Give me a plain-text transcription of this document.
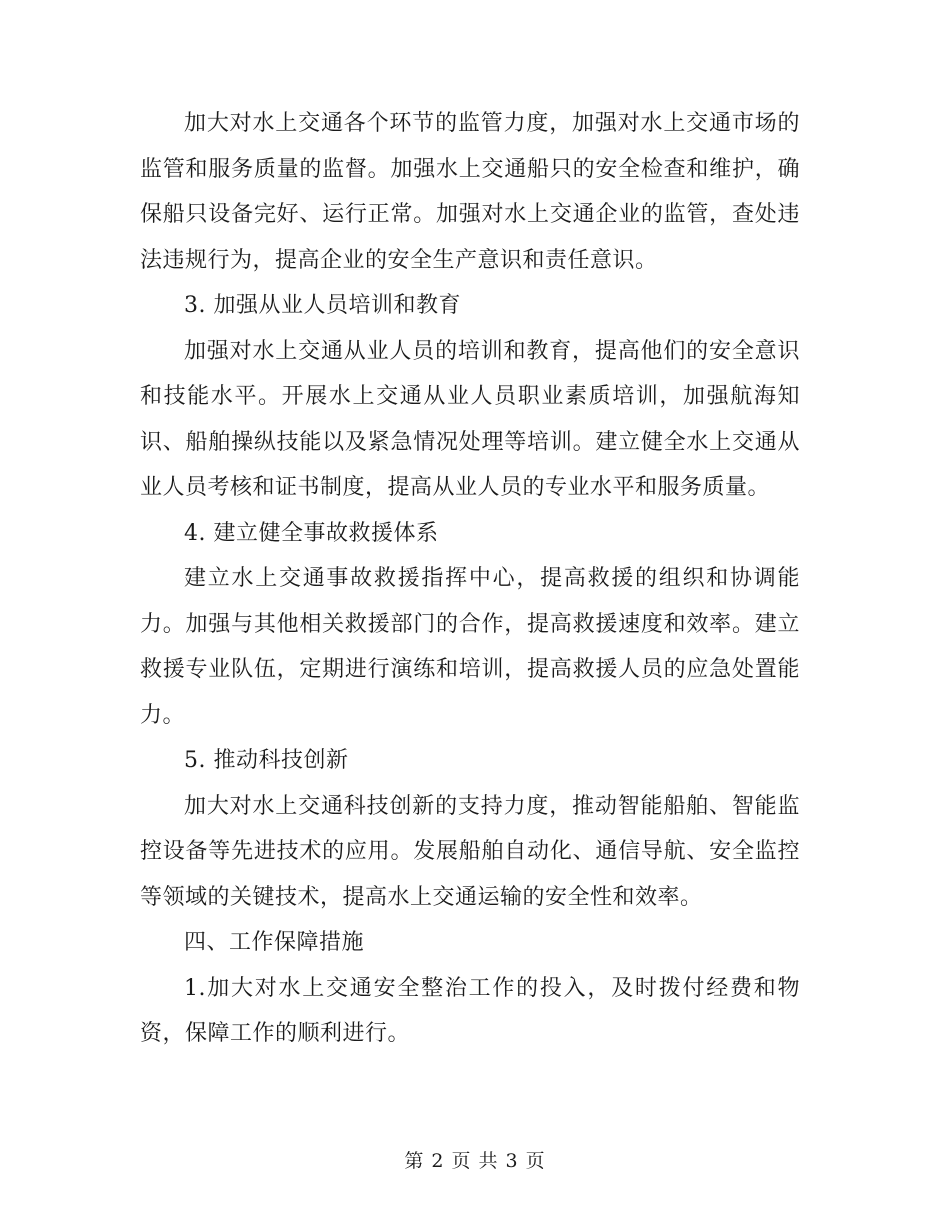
加大对水上交通各个环节的监管力度，加强对水上交通市场的监管和服务质量的监督。加强水上交通船只的安全检查和维护，确保船只设备完好、运行正常。加强对水上交通企业的监管，查处违法违规行为，提高企业的安全生产意识和责任意识。

3. 加强从业人员培训和教育

加强对水上交通从业人员的培训和教育，提高他们的安全意识和技能水平。开展水上交通从业人员职业素质培训，加强航海知识、船舶操纵技能以及紧急情况处理等培训。建立健全水上交通从业人员考核和证书制度，提高从业人员的专业水平和服务质量。

4. 建立健全事故救援体系

建立水上交通事故救援指挥中心，提高救援的组织和协调能力。加强与其他相关救援部门的合作，提高救援速度和效率。建立救援专业队伍，定期进行演练和培训，提高救援人员的应急处置能力。

5. 推动科技创新

加大对水上交通科技创新的支持力度，推动智能船舶、智能监控设备等先进技术的应用。发展船舶自动化、通信导航、安全监控等领域的关键技术，提高水上交通运输的安全性和效率。

四、工作保障措施

1.加大对水上交通安全整治工作的投入，及时拨付经费和物资，保障工作的顺利进行。

第 2 页 共 3 页
